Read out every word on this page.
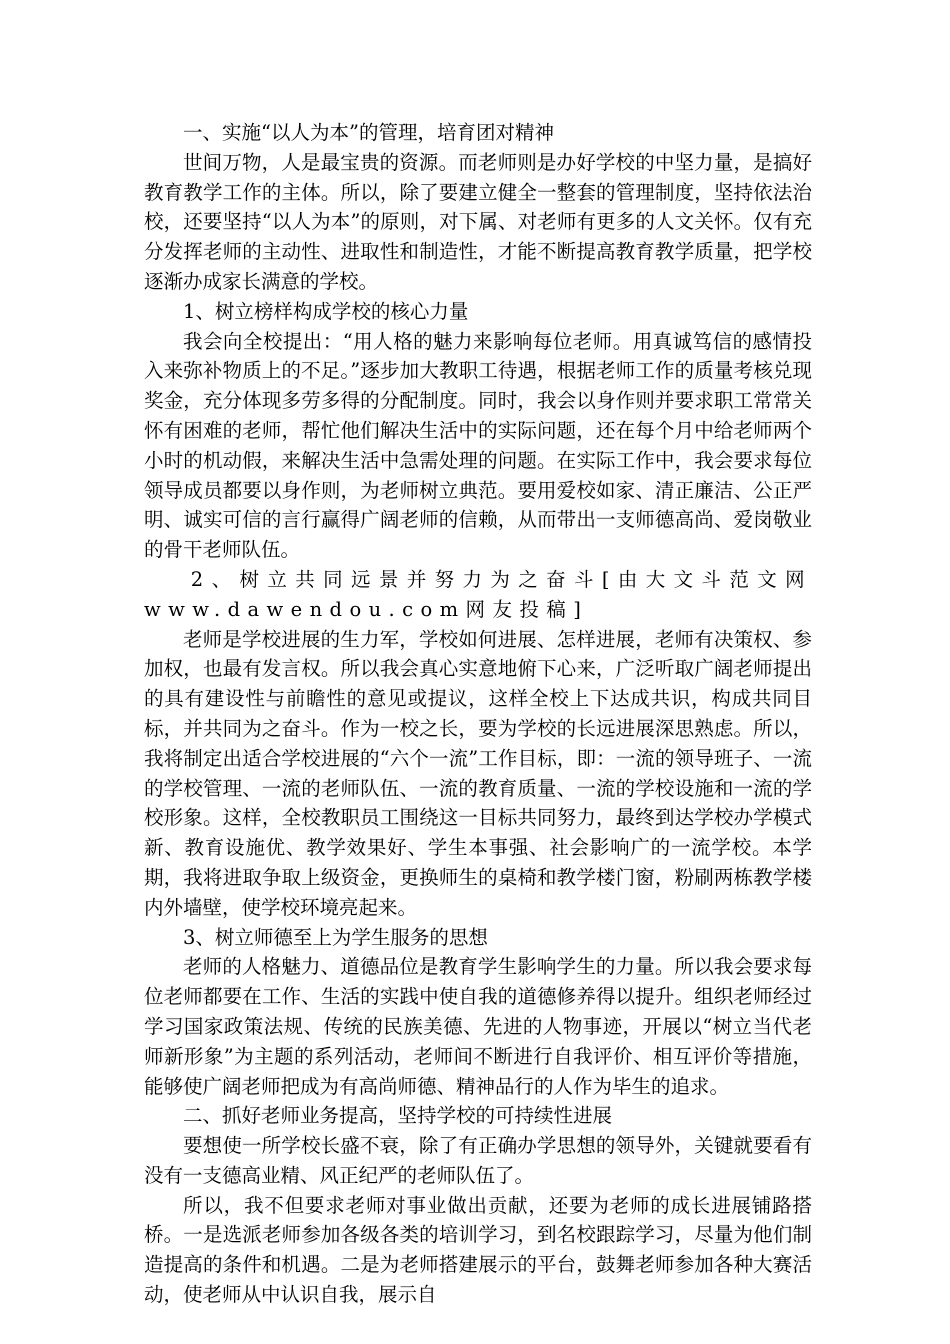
一、实施“以人为本”的管理，培育团对精神

世间万物，人是最宝贵的资源。而老师则是办好学校的中坚力量，是搞好教育教学工作的主体。所以，除了要建立健全一整套的管理制度，坚持依法治校，还要坚持“以人为本”的原则，对下属、对老师有更多的人文关怀。仅有充分发挥老师的主动性、进取性和制造性，才能不断提高教育教学质量，把学校逐渐办成家长满意的学校。

1、树立榜样构成学校的核心力量

我会向全校提出：“用人格的魅力来影响每位老师。用真诚笃信的感情投入来弥补物质上的不足。”逐步加大教职工待遇，根据老师工作的质量考核兑现奖金，充分体现多劳多得的分配制度。同时，我会以身作则并要求职工常常关怀有困难的老师，帮忙他们解决生活中的实际问题，还在每个月中给老师两个小时的机动假，来解决生活中急需处理的问题。在实际工作中，我会要求每位领导成员都要以身作则，为老师树立典范。要用爱校如家、清正廉洁、公正严明、诚实可信的言行赢得广阔老师的信赖，从而带出一支师德高尚、爱岗敬业的骨干老师队伍。

2、树立共同远景并努力为之奋斗[由大文斗范文网www.dawendou.com网友投稿]

老师是学校进展的生力军，学校如何进展、怎样进展，老师有决策权、参加权，也最有发言权。所以我会真心实意地俯下心来，广泛听取广阔老师提出的具有建设性与前瞻性的意见或提议，这样全校上下达成共识，构成共同目标，并共同为之奋斗。作为一校之长，要为学校的长远进展深思熟虑。所以，我将制定出适合学校进展的“六个一流”工作目标，即：一流的领导班子、一流的学校管理、一流的老师队伍、一流的教育质量、一流的学校设施和一流的学校形象。这样，全校教职员工围绕这一目标共同努力，最终到达学校办学模式新、教育设施优、教学效果好、学生本事强、社会影响广的一流学校。本学期，我将进取争取上级资金，更换师生的桌椅和教学楼门窗，粉刷两栋教学楼内外墙壁，使学校环境亮起来。

3、树立师德至上为学生服务的思想

老师的人格魅力、道德品位是教育学生影响学生的力量。所以我会要求每位老师都要在工作、生活的实践中使自我的道德修养得以提升。组织老师经过学习国家政策法规、传统的民族美德、先进的人物事迹，开展以“树立当代老师新形象”为主题的系列活动，老师间不断进行自我评价、相互评价等措施，能够使广阔老师把成为有高尚师德、精神品行的人作为毕生的追求。

二、抓好老师业务提高，坚持学校的可持续性进展

要想使一所学校长盛不衰，除了有正确办学思想的领导外，关键就要看有没有一支德高业精、风正纪严的老师队伍了。

所以，我不但要求老师对事业做出贡献，还要为老师的成长进展铺路搭桥。一是选派老师参加各级各类的培训学习，到名校跟踪学习，尽量为他们制造提高的条件和机遇。二是为老师搭建展示的平台，鼓舞老师参加各种大赛活动，使老师从中认识自我，展示自
